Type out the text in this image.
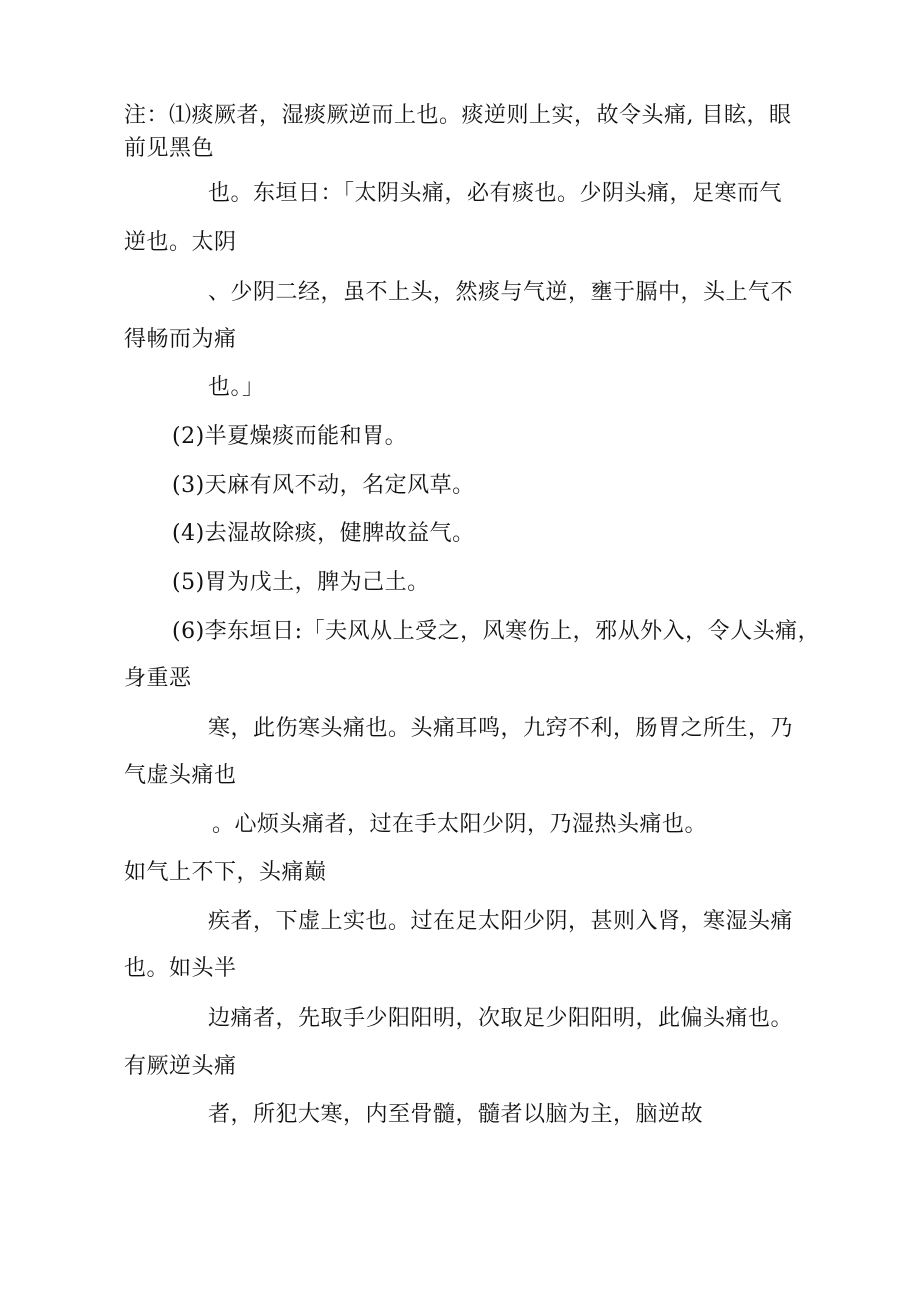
注：⑴痰厥者，湿痰厥逆而上也。痰逆则上实，故令头痛, 目眩，眼
前见黑色
也。东垣日：「太阴头痛，必有痰也。少阴头痛，足寒而气
逆也。太阴
、少阴二经，虽不上头，然痰与气逆，壅于膈中，头上气不
得畅而为痛
也。」
(2)半夏燥痰而能和胃。
(3)天麻有风不动，名定风草。
(4)去湿故除痰，健脾故益气。
(5)胃为戊土，脾为己土。
(6)李东垣日:「夫风从上受之，风寒伤上，邪从外入，令人头痛，
身重恶
寒，此伤寒头痛也。头痛耳鸣，九窍不利，肠胃之所生，乃
气虚头痛也
。心烦头痛者，过在手太阳少阴，乃湿热头痛也。
如气上不下，头痛巅
疾者，下虚上实也。过在足太阳少阴，甚则入肾，寒湿头痛
也。如头半
边痛者，先取手少阳阳明，次取足少阳阳明，此偏头痛也。
有厥逆头痛
者，所犯大寒，内至骨髓，髓者以脑为主，脑逆故
